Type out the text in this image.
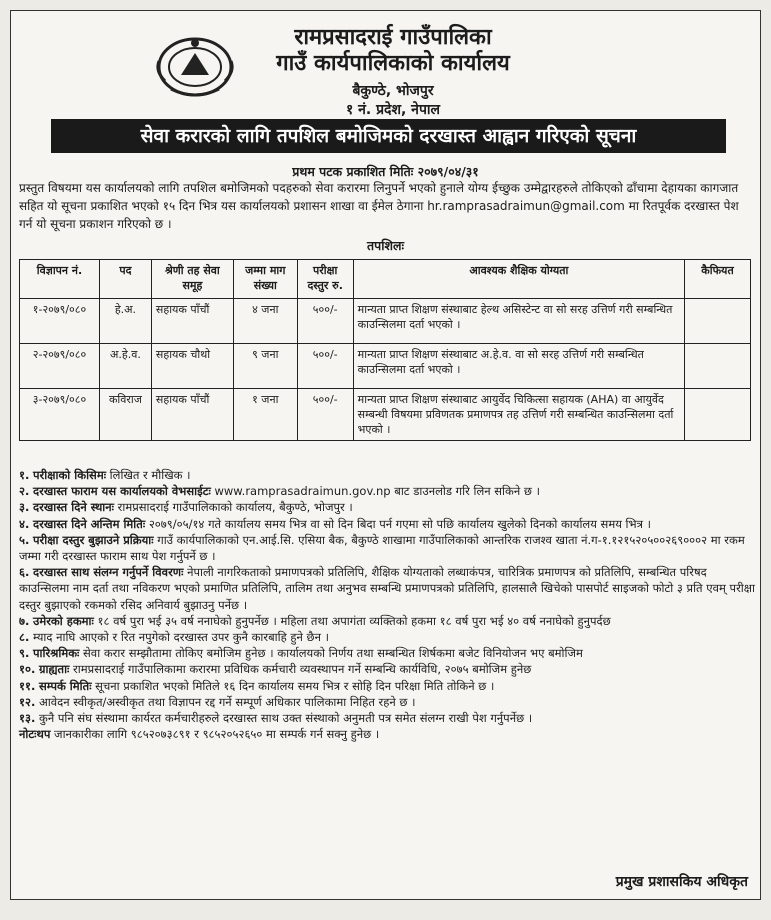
रामप्रसादराई गाउँपालिका
गाउँ कार्यपालिकाको कार्यालय
बैकुण्ठे, भोजपुर
१ नं. प्रदेश, नेपाल
सेवा करारको लागि तपशिल बमोजिमको दरखास्त आह्वान गरिएको सूचना
प्रथम पटक प्रकाशित मितिः २०७९/०४/३१
प्रस्तुत विषयमा यस कार्यालयको लागि तपशिल बमोजिमको पदहरुको सेवा करारमा लिनुपर्ने भएको हुनाले योग्य ईच्छुक उम्मेद्वारहरुले तोकिएको ढाँचामा देहायका कागजात सहित यो सूचना प्रकाशित भएको १५ दिन भित्र यस कार्यालयको प्रशासन शाखा वा ईमेल ठेगाना hr.ramprasadraimun@gmail.com मा रितपूर्वक दरखास्त पेश गर्न यो सूचना प्रकाशन गरिएको छ ।
तपशिलः
विज्ञापन नं.	पद	श्रेणी तह सेवा समूह	जम्मा माग संख्या	परीक्षा दस्तुर रु.	आवश्यक शैक्षिक योग्यता	कैफियत
१-२०७९/०८०	हे.अ.	सहायक पाँचौं	४ जना	५००/-	मान्यता प्राप्त शिक्षण संस्थाबाट हेल्थ असिस्टेन्ट वा सो सरह उत्तिर्ण गरी सम्बन्धित काउन्सिलमा दर्ता भएको ।	
२-२०७९/०८०	अ.हे.व.	सहायक चौथो	९ जना	५००/-	मान्यता प्राप्त शिक्षण संस्थाबाट अ.हे.व. वा सो सरह उत्तिर्ण गरी सम्बन्धित काउन्सिलमा दर्ता भएको ।	
३-२०७९/०८०	कविराज	सहायक पाँचौं	१ जना	५००/-	मान्यता प्राप्त शिक्षण संस्थाबाट आयुर्वेद चिकित्सा सहायक (AHA) वा आयुर्वेद सम्बन्धी विषयमा प्रविणतक प्रमाणपत्र तह उत्तिर्ण गरी सम्बन्धित काउन्सिलमा दर्ता भएको ।	

१. परीक्षाको किसिमः लिखित र मौखिक ।

२. दरखास्त फाराम यस कार्यालयको वेभसाईटः www.ramprasadraimun.gov.np बाट डाउनलोड गरि लिन सकिने छ ।

३. दरखास्त दिने स्थानः रामप्रसादराई गाउँपालिकाको कार्यालय, बैकुण्ठे, भोजपुर ।

४. दरखास्त दिने अन्तिम मितिः २०७९/०५/१४ गते कार्यालय समय भित्र वा सो दिन बिदा पर्न गएमा सो पछि कार्यालय खुलेको दिनको कार्यालय समय भित्र ।

५. परीक्षा दस्तुर बुझाउने प्रक्रियाः गाउँ कार्यपालिकाको एन.आई.सि. एसिया बैक, बैकुण्ठे शाखामा गाउँपालिकाको आन्तरिक राजश्व खाता नं.ग-१.१२१५२०५००२६९०००२ मा रकम जम्मा गरी दरखास्त फाराम साथ पेश गर्नुपर्ने छ ।

६. दरखास्त साथ संलग्न गर्नुपर्ने विवरणः नेपाली नागरिकताको प्रमाणपत्रको प्रतिलिपि, शैक्षिक योग्यताको लब्धाकंपत्र, चारित्रिक प्रमाणपत्र को प्रतिलिपि, सम्बन्धित परिषद काउन्सिलमा नाम दर्ता तथा नविकरण भएको प्रमाणित प्रतिलिपि, तालिम तथा अनुभव सम्बन्धि प्रमाणपत्रको प्रतिलिपि, हालसालै खिचेको पासपोर्ट साइजको फोटो ३ प्रति एवम् परीक्षा दस्तुर बुझाएको रकमको रसिद अनिवार्य बुझाउनु पर्नेछ ।

७. उमेरको हकमाः १८ वर्ष पुरा भई ३५ वर्ष ननाघेको हुनुपर्नेछ । महिला तथा अपागंता व्यक्तिको हकमा १८ वर्ष पुरा भई ४० वर्ष ननाघेको हुनुपर्दछ

८. म्याद नाघि आएको र रित नपुगेको दरखास्त उपर कुनै कारबाहि हुने छैन ।

९. पारिश्रमिकः सेवा करार सम्झौतामा तोकिए बमोजिम हुनेछ । कार्यालयको निर्णय तथा सम्बन्धित शिर्षकमा बजेट विनियोजन भए बमोजिम

१०. ग्राह्यताः रामप्रसादराई गाउँपालिकामा करारमा प्रविधिक कर्मचारी व्यवस्थापन गर्ने सम्बन्धि कार्यविधि, २०७५ बमोजिम हुनेछ

११. सम्पर्क मितिः सूचना प्रकाशित भएको मितिले १६ दिन कार्यालय समय भित्र र सोहि दिन परिक्षा मिति तोकिने छ ।

१२. आवेदन स्वीकृत/अस्वीकृत तथा विज्ञापन रद्द गर्ने सम्पूर्ण अधिकार पालिकामा निहित रहने छ ।

१३. कुनै पनि संघ संस्थामा कार्यरत कर्मचारीहरुले दरखास्त साथ उक्त संस्थाको अनुमती पत्र समेत संलग्न राखी पेश गर्नुपर्नेछ ।

नोटःथप जानकारीका लागि ९८५२०७३८९१ र ९८५२०५२६५० मा सम्पर्क गर्न सक्नु हुनेछ ।

प्रमुख प्रशासकिय अधिकृत
